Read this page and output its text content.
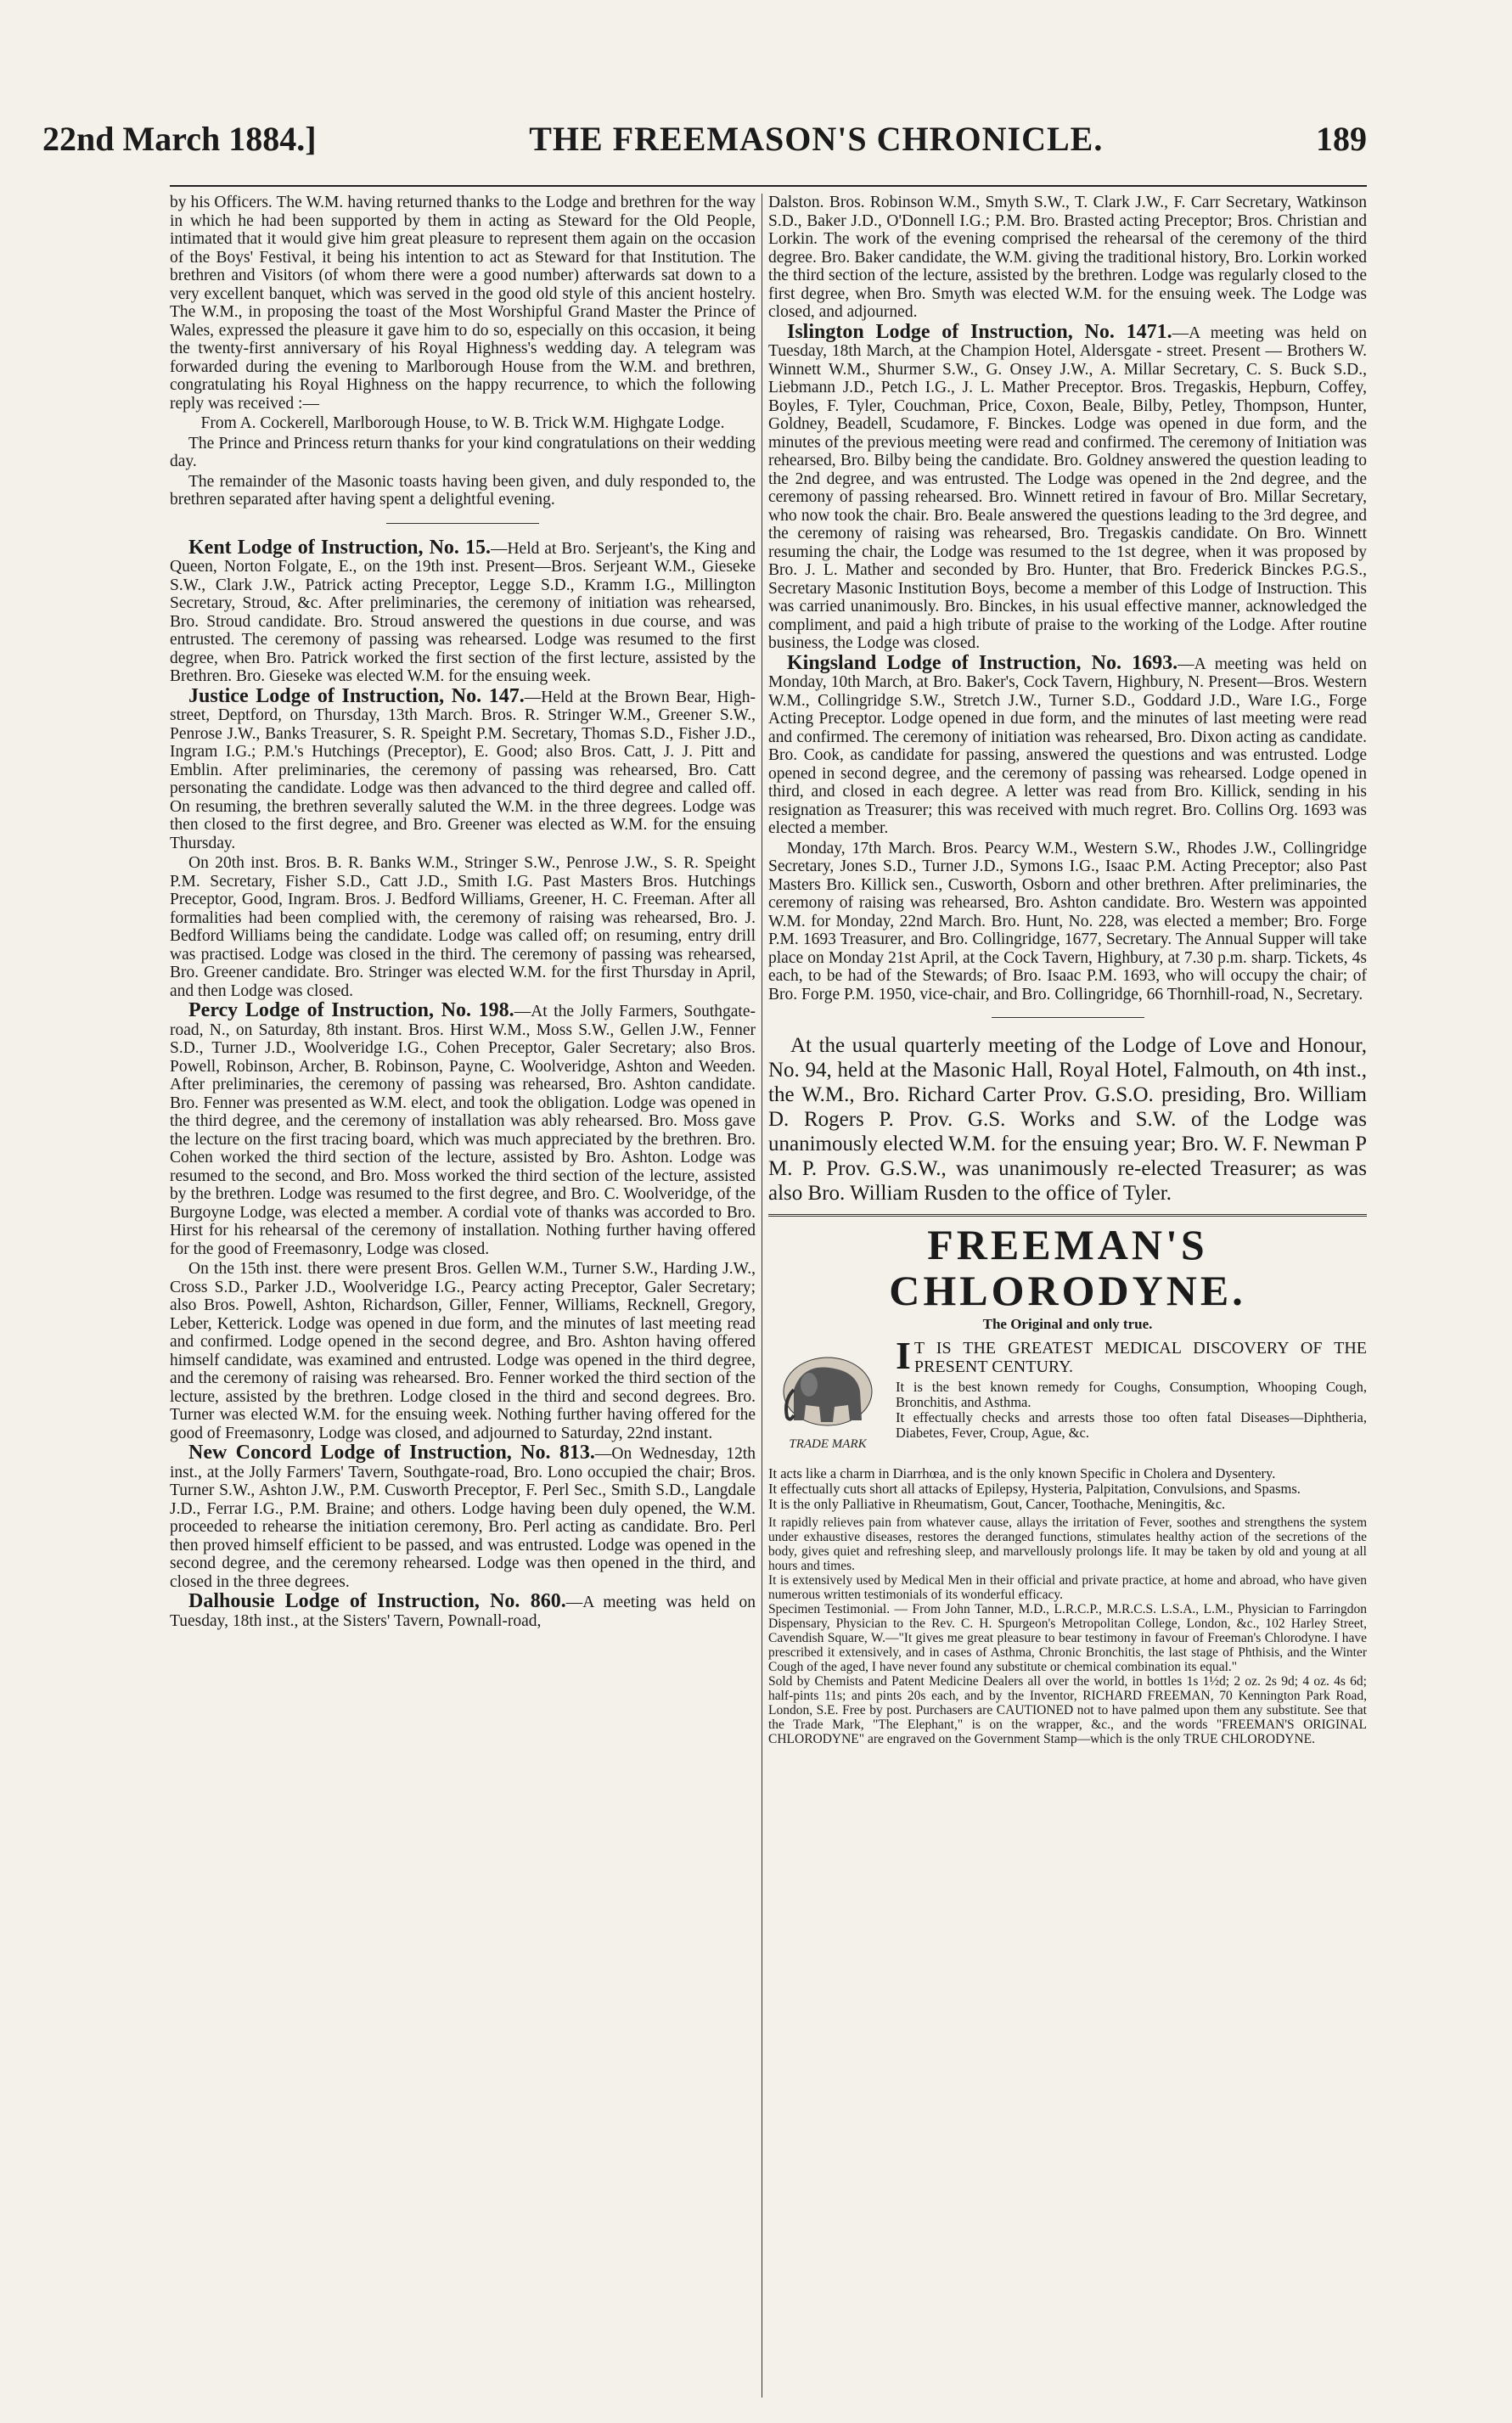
22nd March 1884.]	THE FREEMASON'S CHRONICLE.	189

by his Officers. The W.M. having returned thanks to the Lodge and brethren for the way in which he had been supported by them in acting as Steward for the Old People, intimated that it would give him great pleasure to represent them again on the occasion of the Boys' Festival, it being his intention to act as Steward for that Institution. The brethren and Visitors (of whom there were a good number) afterwards sat down to a very excellent banquet, which was served in the good old style of this ancient hostelry. The W.M., in proposing the toast of the Most Worshipful Grand Master the Prince of Wales, expressed the pleasure it gave him to do so, especially on this occasion, it being the twenty-first anniversary of his Royal Highness's wedding day. A telegram was forwarded during the evening to Marlborough House from the W.M. and brethren, congratulating his Royal Highness on the happy recurrence, to which the following reply was received :—

From A. Cockerell, Marlborough House, to W. B. Trick W.M. Highgate Lodge.

The Prince and Princess return thanks for your kind congratulations on their wedding day.

The remainder of the Masonic toasts having been given, and duly responded to, the brethren separated after having spent a delightful evening.

Kent Lodge of Instruction, No. 15.—Held at Bro. Serjeant's, the King and Queen, Norton Folgate, E., on the 19th inst. Present—Bros. Serjeant W.M., Gieseke S.W., Clark J.W., Patrick acting Preceptor, Legge S.D., Kramm I.G., Millington Secretary, Stroud, &c. After preliminaries, the ceremony of initiation was rehearsed, Bro. Stroud candidate. Bro. Stroud answered the questions in due course, and was entrusted. The ceremony of passing was rehearsed. Lodge was resumed to the first degree, when Bro. Patrick worked the first section of the first lecture, assisted by the Brethren. Bro. Gieseke was elected W.M. for the ensuing week.

Justice Lodge of Instruction, No. 147.—Held at the Brown Bear, High-street, Deptford, on Thursday, 13th March. Bros. R. Stringer W.M., Greener S.W., Penrose J.W., Banks Treasurer, S. R. Speight P.M. Secretary, Thomas S.D., Fisher J.D., Ingram I.G.; P.M.'s Hutchings (Preceptor), E. Good; also Bros. Catt, J. J. Pitt and Emblin. After preliminaries, the ceremony of passing was rehearsed, Bro. Catt personating the candidate. Lodge was then advanced to the third degree and called off. On resuming, the brethren severally saluted the W.M. in the three degrees. Lodge was then closed to the first degree, and Bro. Greener was elected as W.M. for the ensuing Thursday.

On 20th inst. Bros. B. R. Banks W.M., Stringer S.W., Penrose J.W., S. R. Speight P.M. Secretary, Fisher S.D., Catt J.D., Smith I.G. Past Masters Bros. Hutchings Preceptor, Good, Ingram. Bros. J. Bedford Williams, Greener, H. C. Freeman. After all formalities had been complied with, the ceremony of raising was rehearsed, Bro. J. Bedford Williams being the candidate. Lodge was called off; on resuming, entry drill was practised. Lodge was closed in the third. The ceremony of passing was rehearsed, Bro. Greener candidate. Bro. Stringer was elected W.M. for the first Thursday in April, and then Lodge was closed.

Percy Lodge of Instruction, No. 198.—At the Jolly Farmers, Southgate-road, N., on Saturday, 8th instant. Bros. Hirst W.M., Moss S.W., Gellen J.W., Fenner S.D., Turner J.D., Woolveridge I.G., Cohen Preceptor, Galer Secretary; also Bros. Powell, Robinson, Archer, B. Robinson, Payne, C. Woolveridge, Ashton and Weeden. After preliminaries, the ceremony of passing was rehearsed, Bro. Ashton candidate. Bro. Fenner was presented as W.M. elect, and took the obligation. Lodge was opened in the third degree, and the ceremony of installation was ably rehearsed. Bro. Moss gave the lecture on the first tracing board, which was much appreciated by the brethren. Bro. Cohen worked the third section of the lecture, assisted by Bro. Ashton. Lodge was resumed to the second, and Bro. Moss worked the third section of the lecture, assisted by the brethren. Lodge was resumed to the first degree, and Bro. C. Woolveridge, of the Burgoyne Lodge, was elected a member. A cordial vote of thanks was accorded to Bro. Hirst for his rehearsal of the ceremony of installation. Nothing further having offered for the good of Freemasonry, Lodge was closed.

On the 15th inst. there were present Bros. Gellen W.M., Turner S.W., Harding J.W., Cross S.D., Parker J.D., Woolveridge I.G., Pearcy acting Preceptor, Galer Secretary; also Bros. Powell, Ashton, Richardson, Giller, Fenner, Williams, Recknell, Gregory, Leber, Ketterick. Lodge was opened in due form, and the minutes of last meeting read and confirmed. Lodge opened in the second degree, and Bro. Ashton having offered himself candidate, was examined and entrusted. Lodge was opened in the third degree, and the ceremony of raising was rehearsed. Bro. Fenner worked the third section of the lecture, assisted by the brethren. Lodge closed in the third and second degrees. Bro. Turner was elected W.M. for the ensuing week. Nothing further having offered for the good of Freemasonry, Lodge was closed, and adjourned to Saturday, 22nd instant.

New Concord Lodge of Instruction, No. 813.—On Wednesday, 12th inst., at the Jolly Farmers' Tavern, Southgate-road, Bro. Lono occupied the chair; Bros. Turner S.W., Ashton J.W., P.M. Cusworth Preceptor, F. Perl Sec., Smith S.D., Langdale J.D., Ferrar I.G., P.M. Braine; and others. Lodge having been duly opened, the W.M. proceeded to rehearse the initiation ceremony, Bro. Perl acting as candidate. Bro. Perl then proved himself efficient to be passed, and was entrusted. Lodge was opened in the second degree, and the ceremony rehearsed. Lodge was then opened in the third, and closed in the three degrees.

Dalhousie Lodge of Instruction, No. 860.—A meeting was held on Tuesday, 18th inst., at the Sisters' Tavern, Pownall-road,

Dalston. Bros. Robinson W.M., Smyth S.W., T. Clark J.W., F. Carr Secretary, Watkinson S.D., Baker J.D., O'Donnell I.G.; P.M. Bro. Brasted acting Preceptor; Bros. Christian and Lorkin. The work of the evening comprised the rehearsal of the ceremony of the third degree. Bro. Baker candidate, the W.M. giving the traditional history, Bro. Lorkin worked the third section of the lecture, assisted by the brethren. Lodge was regularly closed to the first degree, when Bro. Smyth was elected W.M. for the ensuing week. The Lodge was closed, and adjourned.

Islington Lodge of Instruction, No. 1471.—A meeting was held on Tuesday, 18th March, at the Champion Hotel, Aldersgate - street. Present — Brothers W. Winnett W.M., Shurmer S.W., G. Onsey J.W., A. Millar Secretary, C. S. Buck S.D., Liebmann J.D., Petch I.G., J. L. Mather Preceptor. Bros. Tregaskis, Hepburn, Coffey, Boyles, F. Tyler, Couchman, Price, Coxon, Beale, Bilby, Petley, Thompson, Hunter, Goldney, Beadell, Scudamore, F. Binckes. Lodge was opened in due form, and the minutes of the previous meeting were read and confirmed. The ceremony of Initiation was rehearsed, Bro. Bilby being the candidate. Bro. Goldney answered the question leading to the 2nd degree, and was entrusted. The Lodge was opened in the 2nd degree, and the ceremony of passing rehearsed. Bro. Winnett retired in favour of Bro. Millar Secretary, who now took the chair. Bro. Beale answered the questions leading to the 3rd degree, and the ceremony of raising was rehearsed, Bro. Tregaskis candidate. On Bro. Winnett resuming the chair, the Lodge was resumed to the 1st degree, when it was proposed by Bro. J. L. Mather and seconded by Bro. Hunter, that Bro. Frederick Binckes P.G.S., Secretary Masonic Institution Boys, become a member of this Lodge of Instruction. This was carried unanimously. Bro. Binckes, in his usual effective manner, acknowledged the compliment, and paid a high tribute of praise to the working of the Lodge. After routine business, the Lodge was closed.

Kingsland Lodge of Instruction, No. 1693.—A meeting was held on Monday, 10th March, at Bro. Baker's, Cock Tavern, Highbury, N. Present—Bros. Western W.M., Collingridge S.W., Stretch J.W., Turner S.D., Goddard J.D., Ware I.G., Forge Acting Preceptor. Lodge opened in due form, and the minutes of last meeting were read and confirmed. The ceremony of initiation was rehearsed, Bro. Dixon acting as candidate. Bro. Cook, as candidate for passing, answered the questions and was entrusted. Lodge opened in second degree, and the ceremony of passing was rehearsed. Lodge opened in third, and closed in each degree. A letter was read from Bro. Killick, sending in his resignation as Treasurer; this was received with much regret. Bro. Collins Org. 1693 was elected a member.

Monday, 17th March. Bros. Pearcy W.M., Western S.W., Rhodes J.W., Collingridge Secretary, Jones S.D., Turner J.D., Symons I.G., Isaac P.M. Acting Preceptor; also Past Masters Bro. Killick sen., Cusworth, Osborn and other brethren. After preliminaries, the ceremony of raising was rehearsed, Bro. Ashton candidate. Bro. Western was appointed W.M. for Monday, 22nd March. Bro. Hunt, No. 228, was elected a member; Bro. Forge P.M. 1693 Treasurer, and Bro. Collingridge, 1677, Secretary. The Annual Supper will take place on Monday 21st April, at the Cock Tavern, Highbury, at 7.30 p.m. sharp. Tickets, 4s each, to be had of the Stewards; of Bro. Isaac P.M. 1693, who will occupy the chair; of Bro. Forge P.M. 1950, vice-chair, and Bro. Collingridge, 66 Thornhill-road, N., Secretary.

At the usual quarterly meeting of the Lodge of Love and Honour, No. 94, held at the Masonic Hall, Royal Hotel, Falmouth, on 4th inst., the W.M., Bro. Richard Carter Prov. G.S.O. presiding, Bro. William D. Rogers P. Prov. G.S. Works and S.W. of the Lodge was unanimously elected W.M. for the ensuing year; Bro. W. F. Newman P M. P. Prov. G.S.W., was unanimously re-elected Treasurer; as was also Bro. William Rusden to the office of Tyler.

FREEMAN'S CHLORODYNE.
The Original and only true.
TRADE MARK
I T IS THE GREATEST MEDICAL DISCOVERY OF THE PRESENT CENTURY.
It is the best known remedy for Coughs, Consumption, Whooping Cough, Bronchitis, and Asthma.
It effectually checks and arrests those too often fatal Diseases—Diphtheria, Diabetes, Fever, Croup, Ague, &c.
It acts like a charm in Diarrhœa, and is the only known Specific in Cholera and Dysentery.
It effectually cuts short all attacks of Epilepsy, Hysteria, Palpitation, Convulsions, and Spasms.
It is the only Palliative in Rheumatism, Gout, Cancer, Toothache, Meningitis, &c.
It rapidly relieves pain from whatever cause, allays the irritation of Fever, soothes and strengthens the system under exhaustive diseases, restores the deranged functions, stimulates healthy action of the secretions of the body, gives quiet and refreshing sleep, and marvellously prolongs life. It may be taken by old and young at all hours and times.
It is extensively used by Medical Men in their official and private practice, at home and abroad, who have given numerous written testimonials of its wonderful efficacy.
Specimen Testimonial. — From John Tanner, M.D., L.R.C.P., M.R.C.S. L.S.A., L.M., Physician to Farringdon Dispensary, Physician to the Rev. C. H. Spurgeon's Metropolitan College, London, &c., 102 Harley Street, Cavendish Square, W.—"It gives me great pleasure to bear testimony in favour of Freeman's Chlorodyne. I have prescribed it extensively, and in cases of Asthma, Chronic Bronchitis, the last stage of Phthisis, and the Winter Cough of the aged, I have never found any substitute or chemical combination its equal."
Sold by Chemists and Patent Medicine Dealers all over the world, in bottles 1s 1½d; 2 oz. 2s 9d; 4 oz. 4s 6d; half-pints 11s; and pints 20s each, and by the Inventor, RICHARD FREEMAN, 70 Kennington Park Road, London, S.E. Free by post. Purchasers are CAUTIONED not to have palmed upon them any substitute. See that the Trade Mark, "The Elephant," is on the wrapper, &c., and the words "FREEMAN'S ORIGINAL CHLORODYNE" are engraved on the Government Stamp—which is the only TRUE CHLORODYNE.
